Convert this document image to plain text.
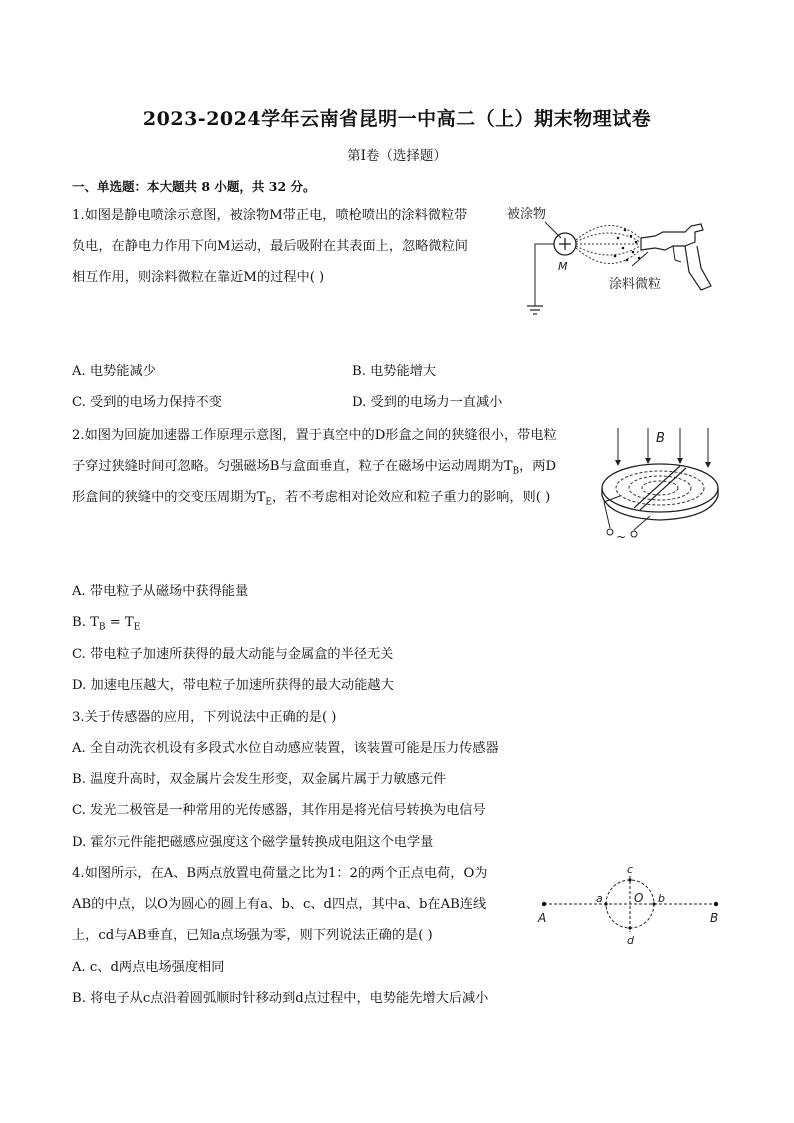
2023-2024学年云南省昆明一中高二（上）期末物理试卷
第I卷（选择题）
一、单选题：本大题共 8 小题，共 32 分。
1.如图是静电喷涂示意图，被涂物M带正电，喷枪喷出的涂料微粒带
负电，在静电力作用下向M运动，最后吸附在其表面上，忽略微粒间
相互作用，则涂料微粒在靠近M的过程中( )
A. 电势能减少	B. 电势能增大
C. 受到的电场力保持不变	D. 受到的电场力一直减小
被涂物
M
涂料微粒
2.如图为回旋加速器工作原理示意图，置于真空中的D形盒之间的狭缝很小，带电粒
子穿过狭缝时间可忽略。匀强磁场B与盒面垂直，粒子在磁场中运动周期为$T_B$，两D
形盒间的狭缝中的交变压周期为$T_E$，若不考虑相对论效应和粒子重力的影响，则( )
A. 带电粒子从磁场中获得能量
B. $T_B = T_E$
C. 带电粒子加速所获得的最大动能与金属盒的半径无关
D. 加速电压越大，带电粒子加速所获得的最大动能越大
B
~
3.关于传感器的应用，下列说法中正确的是( )
A. 全自动洗衣机设有多段式水位自动感应装置，该装置可能是压力传感器
B. 温度升高时，双金属片会发生形变，双金属片属于力敏感元件
C. 发光二极管是一种常用的光传感器，其作用是将光信号转换为电信号
D. 霍尔元件能把磁感应强度这个磁学量转换成电阻这个电学量
4.如图所示，在A、B两点放置电荷量之比为1：2的两个正点电荷，O为
AB的中点，以O为圆心的圆上有a、b、c、d四点，其中a、b在AB连线
上，cd与AB垂直，已知a点场强为零，则下列说法正确的是( )
A. c、d两点电场强度相同
B. 将电子从c点沿着圆弧顺时针移动到d点过程中，电势能先增大后减小
A	B
O
a	b
c
d
